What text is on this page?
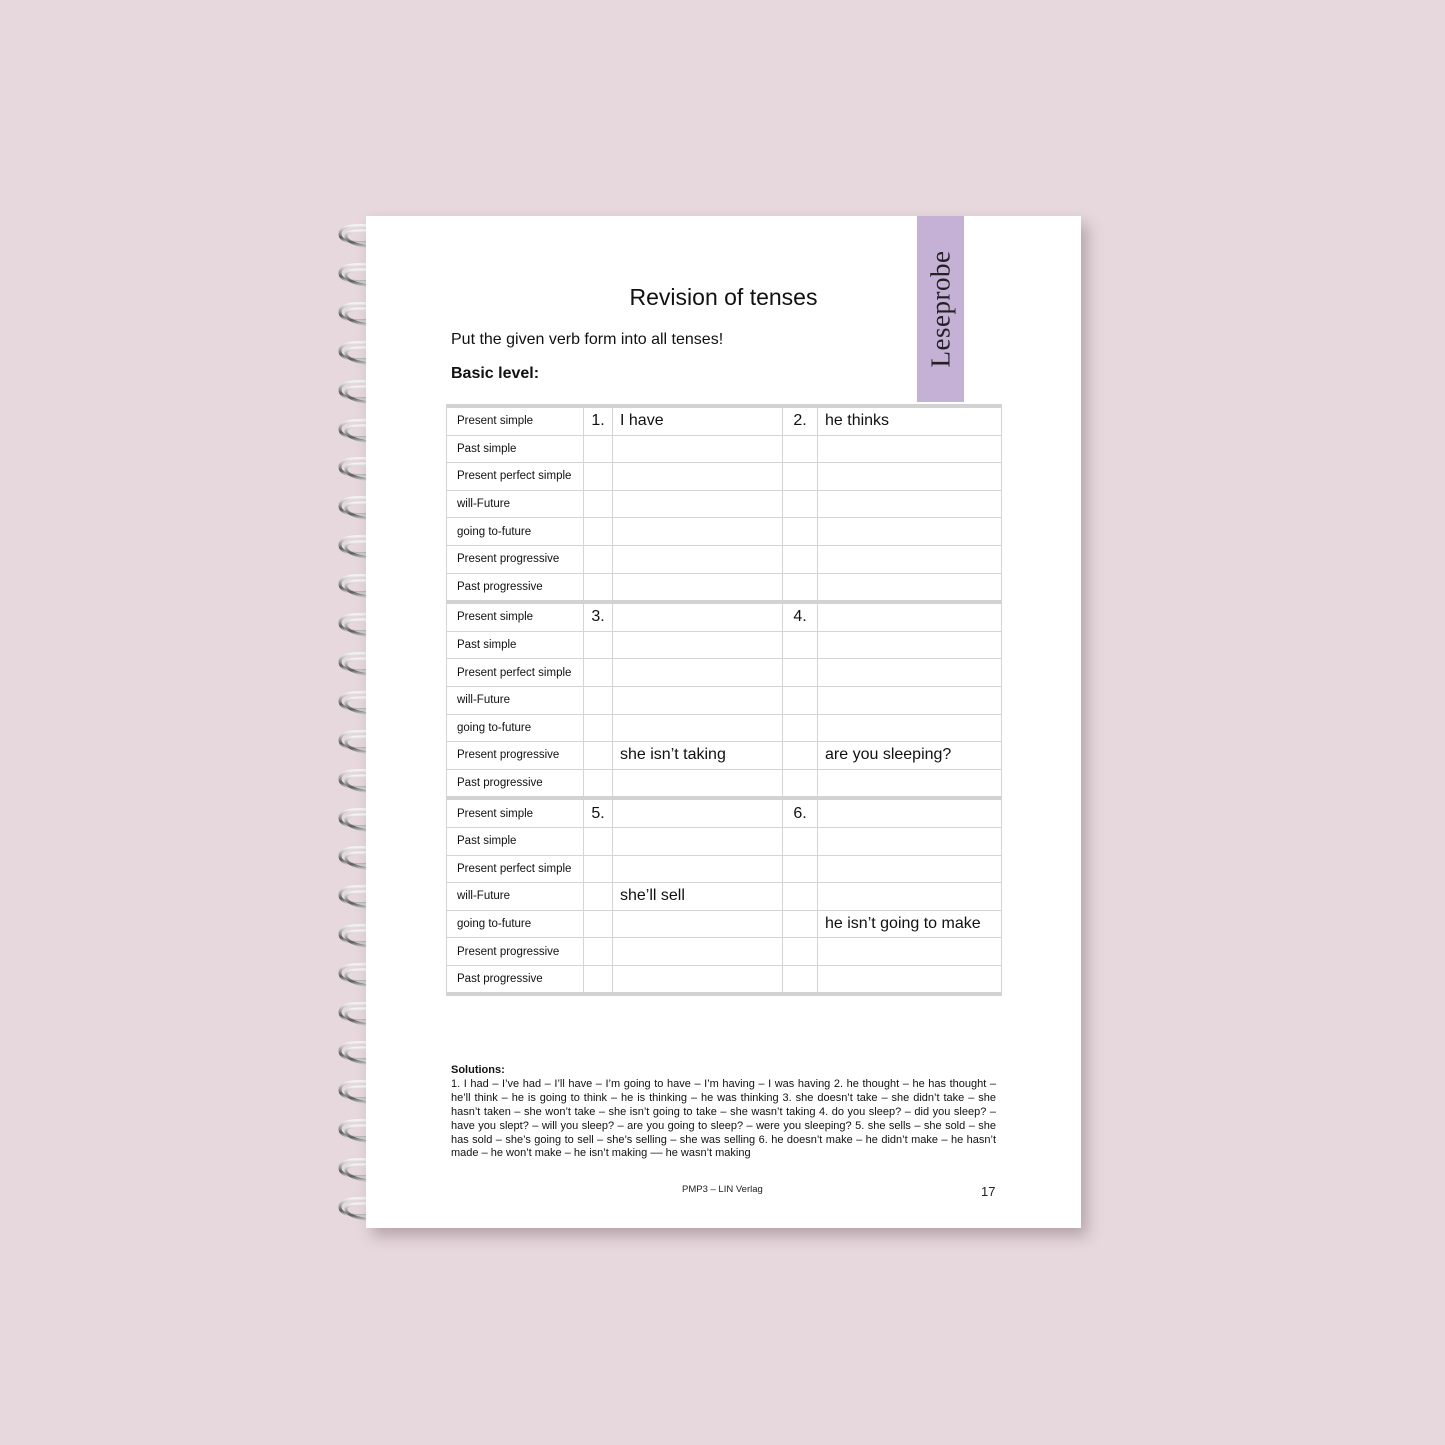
Leseprobe
Revision of tenses
Put the given verb form into all tenses!
Basic level:
Present simple	1.	I have	2.	he thinks
Past simple				
Present perfect simple				
will-Future				
going to-future				
Present progressive				
Past progressive				
Present simple	3.		4.	
Past simple				
Present perfect simple				
will-Future				
going to-future				
Present progressive		she isn’t taking		are you sleeping?
Past progressive				
Present simple	5.		6.	
Past simple				
Present perfect simple				
will-Future		she’ll sell		
going to-future				he isn’t going to make
Present progressive				
Past progressive				
Solutions:
1. I had – I’ve had – I’ll have – I’m going to have – I’m having – I was having 2. he thought – he has thought – he’ll think – he is going to think – he is thinking – he was thinking 3. she doesn’t take – she didn’t take – she hasn’t taken – she won’t take – she isn’t going to take – she wasn’t taking 4. do you sleep? – did you sleep? – have you slept? – will you sleep? – are you going to sleep? – were you sleeping? 5. she sells – she sold – she has sold – she’s going to sell – she’s selling – she was selling 6. he doesn’t make – he didn’t make – he hasn’t made – he won’t make – he isn’t making –– he wasn’t making
PMP3 – LIN Verlag	17
